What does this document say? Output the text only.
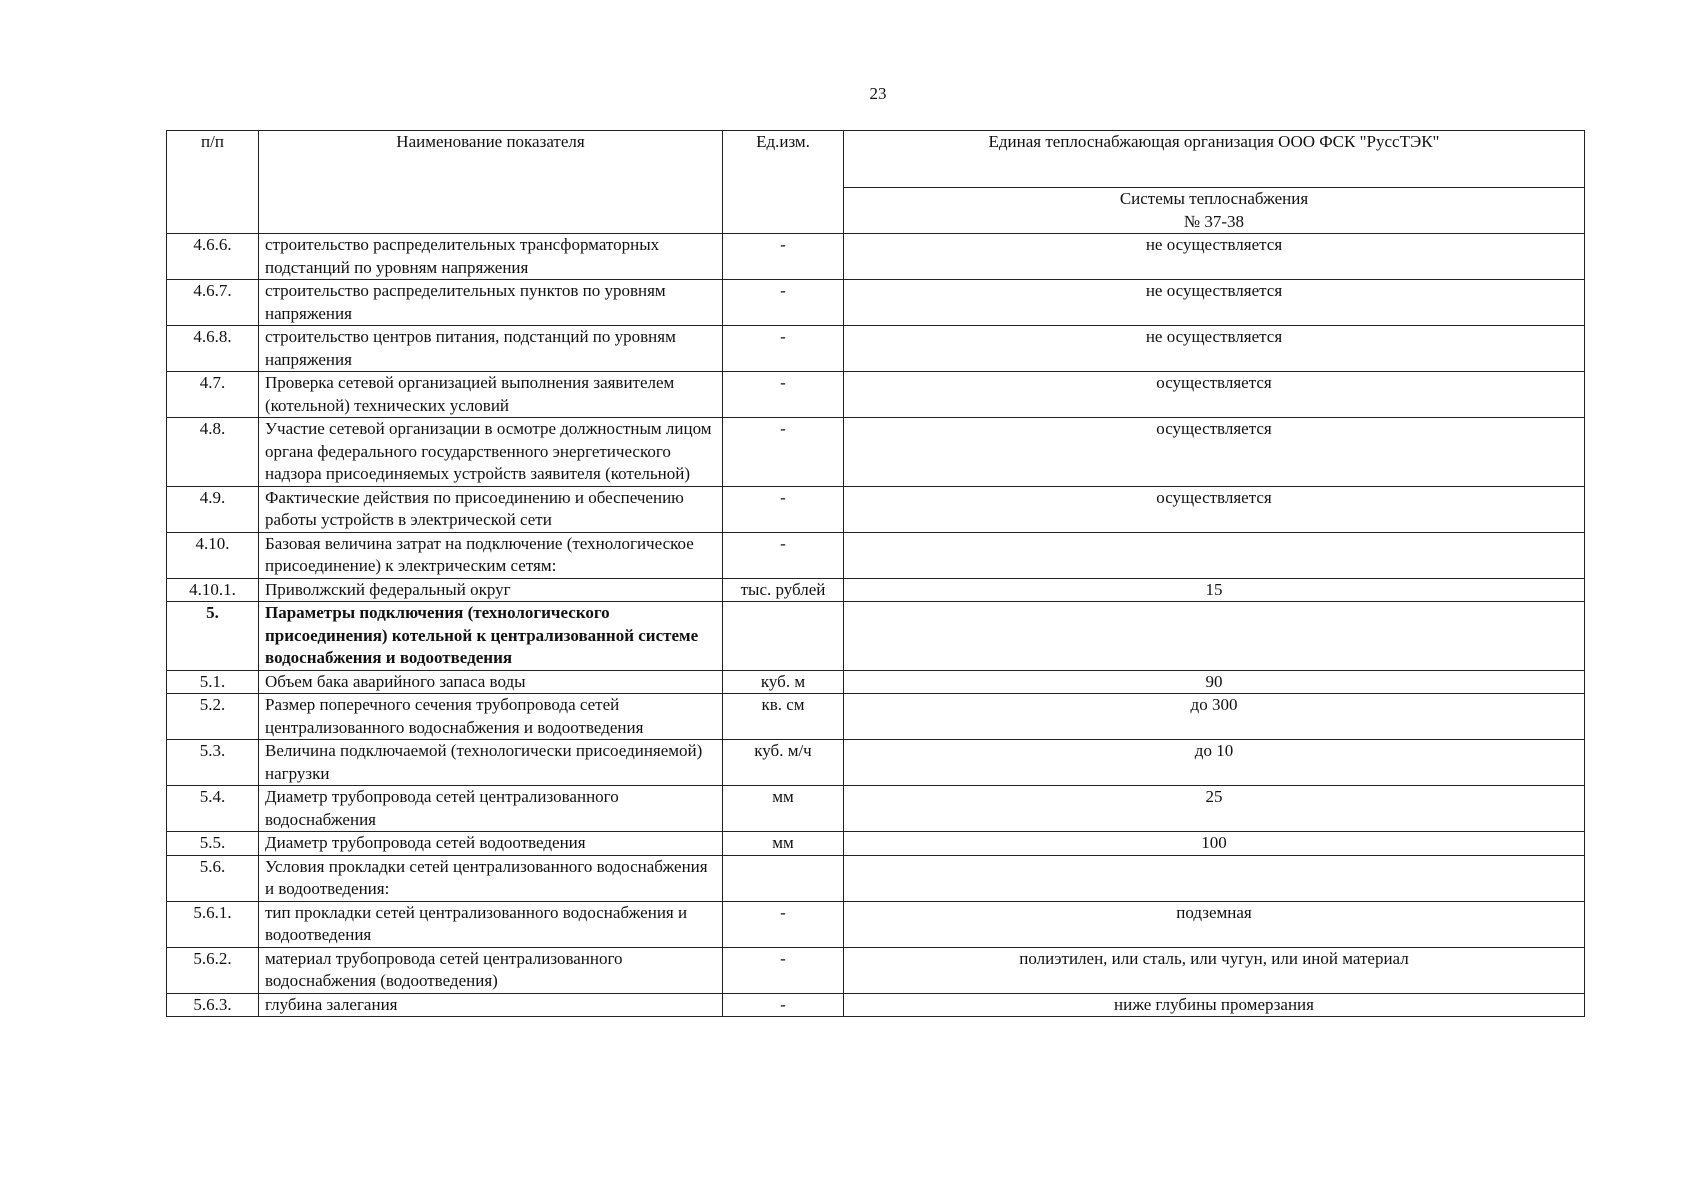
23
п/п	Наименование показателя	Ед.изм.	Единая теплоснабжающая организация ООО ФСК "РуссТЭК"

			Системы теплоснабжения
№ 37-38

4.6.6.	строительство распределительных трансформаторных подстанций по уровням напряжения	-	не осуществляется
4.6.7.	строительство распределительных пунктов по уровням напряжения	-	не осуществляется
4.6.8.	строительство центров питания, подстанций по уровням напряжения	-	не осуществляется
4.7.	Проверка сетевой организацией выполнения заявителем (котельной) технических условий	-	осуществляется
4.8.	Участие сетевой организации в осмотре должностным лицом органа федерального государственного энергетического надзора присоединяемых устройств заявителя (котельной)	-	осуществляется
4.9.	Фактические действия по присоединению и обеспечению работы устройств в электрической сети	-	осуществляется
4.10.	Базовая величина затрат на подключение (технологическое присоединение) к электрическим сетям:	-	
4.10.1.	Приволжский федеральный округ	тыс. рублей	15
5.	Параметры подключения (технологического присоединения) котельной к централизованной системе водоснабжения и водоотведения		
5.1.	Объем бака аварийного запаса воды	куб. м	90
5.2.	Размер поперечного сечения трубопровода сетей централизованного водоснабжения и водоотведения	кв. см	до 300
5.3.	Величина подключаемой (технологически присоединяемой) нагрузки	куб. м/ч	до 10
5.4.	Диаметр трубопровода сетей централизованного водоснабжения	мм	25
5.5.	Диаметр трубопровода сетей водоотведения	мм	100
5.6.	Условия прокладки сетей централизованного водоснабжения и водоотведения:		
5.6.1.	тип прокладки сетей централизованного водоснабжения и водоотведения	-	подземная
5.6.2.	материал трубопровода сетей централизованного водоснабжения (водоотведения)	-	полиэтилен, или сталь, или чугун, или иной материал
5.6.3.	глубина залегания	-	ниже глубины промерзания
